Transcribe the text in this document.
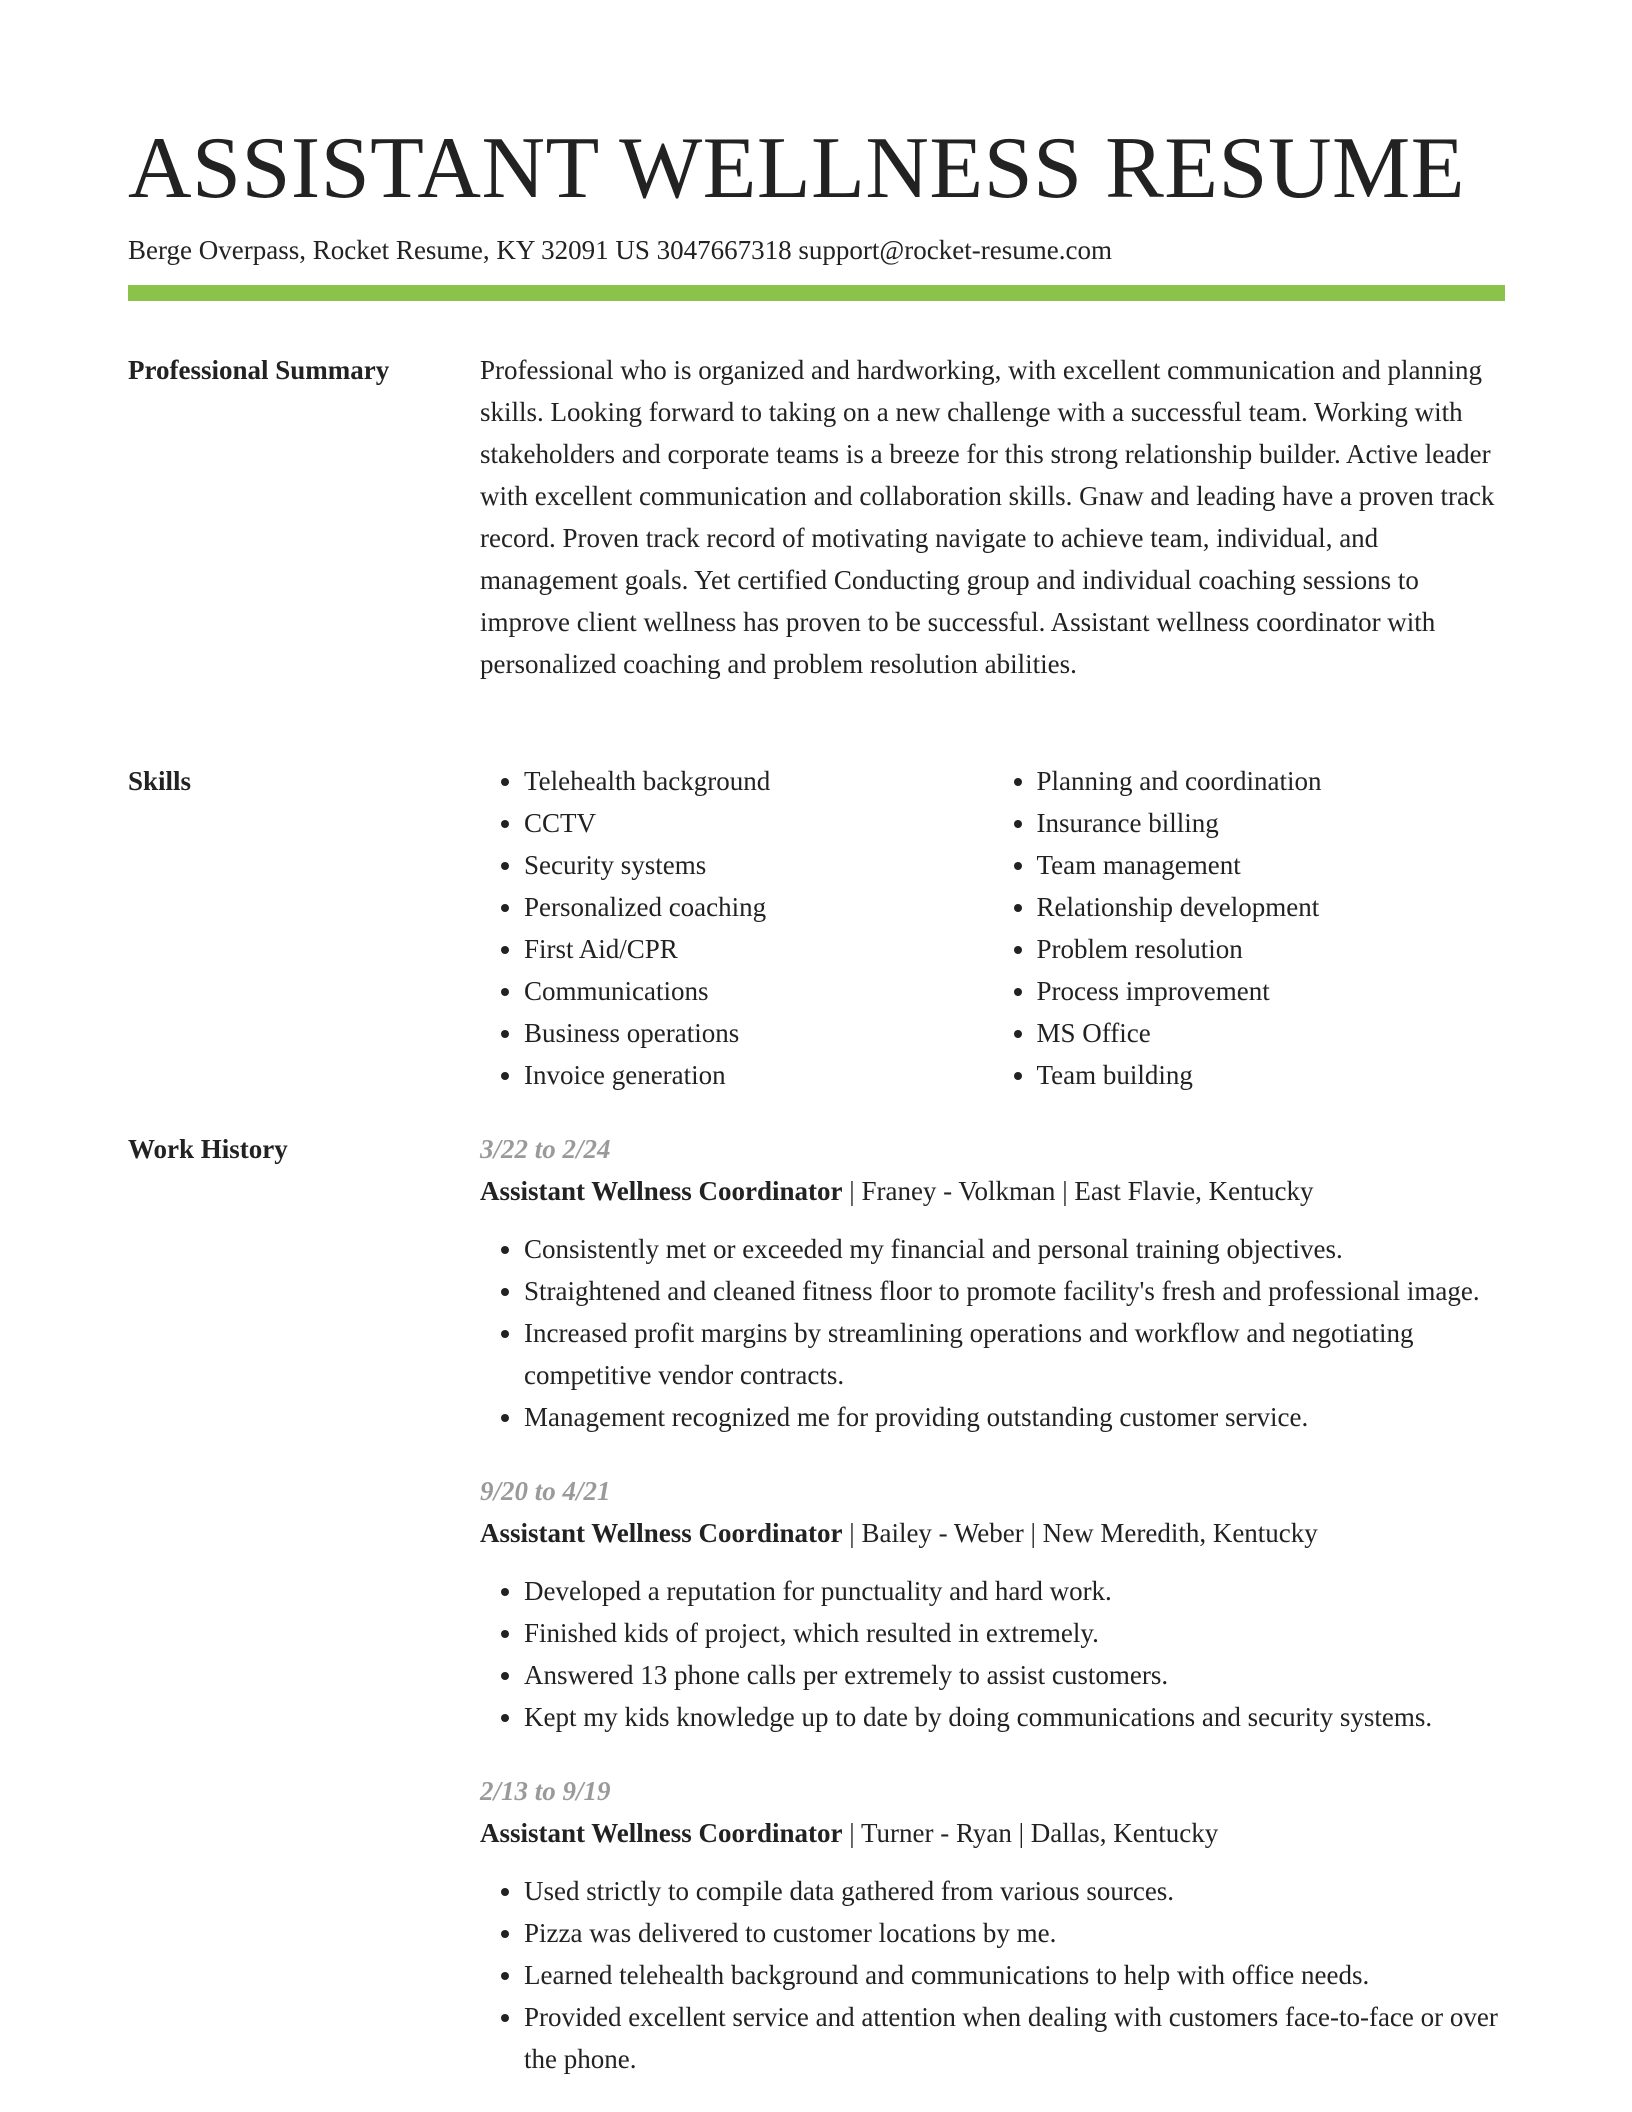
ASSISTANT WELLNESS RESUME
Berge Overpass, Rocket Resume, KY 32091 US 3047667318 support@rocket-resume.com
Professional Summary	Professional who is organized and hardworking, with excellent communication and planning skills. Looking forward to taking on a new challenge with a successful team. Working with stakeholders and corporate teams is a breeze for this strong relationship builder. Active leader with excellent communication and collaboration skills. Gnaw and leading have a proven track record. Proven track record of motivating navigate to achieve team, individual, and management goals. Yet certified Conducting group and individual coaching sessions to improve client wellness has proven to be successful. Assistant wellness coordinator with personalized coaching and problem resolution abilities.

Skills
•	Telehealth background
• CCTV
• Security systems
• Personalized coaching
• First Aid/CPR
• Communications
• Business operations
• Invoice generation
• Planning and coordination
• Insurance billing
• Team management
• Relationship development
• Problem resolution
• Process improvement
• MS Office
• Team building
Work History	3/22 to 2/24
Assistant Wellness Coordinator | Franey - Volkman | East Flavie, Kentucky
• Consistently met or exceeded my financial and personal training objectives.
• Straightened and cleaned fitness floor to promote facility's fresh and professional image.
• Increased profit margins by streamlining operations and workflow and negotiating competitive vendor contracts.
• Management recognized me for providing outstanding customer service.
9/20 to 4/21
Assistant Wellness Coordinator | Bailey - Weber | New Meredith, Kentucky
• Developed a reputation for punctuality and hard work.
• Finished kids of project, which resulted in extremely.
• Answered 13 phone calls per extremely to assist customers.
• Kept my kids knowledge up to date by doing communications and security systems.
2/13 to 9/19
Assistant Wellness Coordinator | Turner - Ryan | Dallas, Kentucky
• Used strictly to compile data gathered from various sources.
• Pizza was delivered to customer locations by me.
• Learned telehealth background and communications to help with office needs.
• Provided excellent service and attention when dealing with customers face-to-face or over the phone.
